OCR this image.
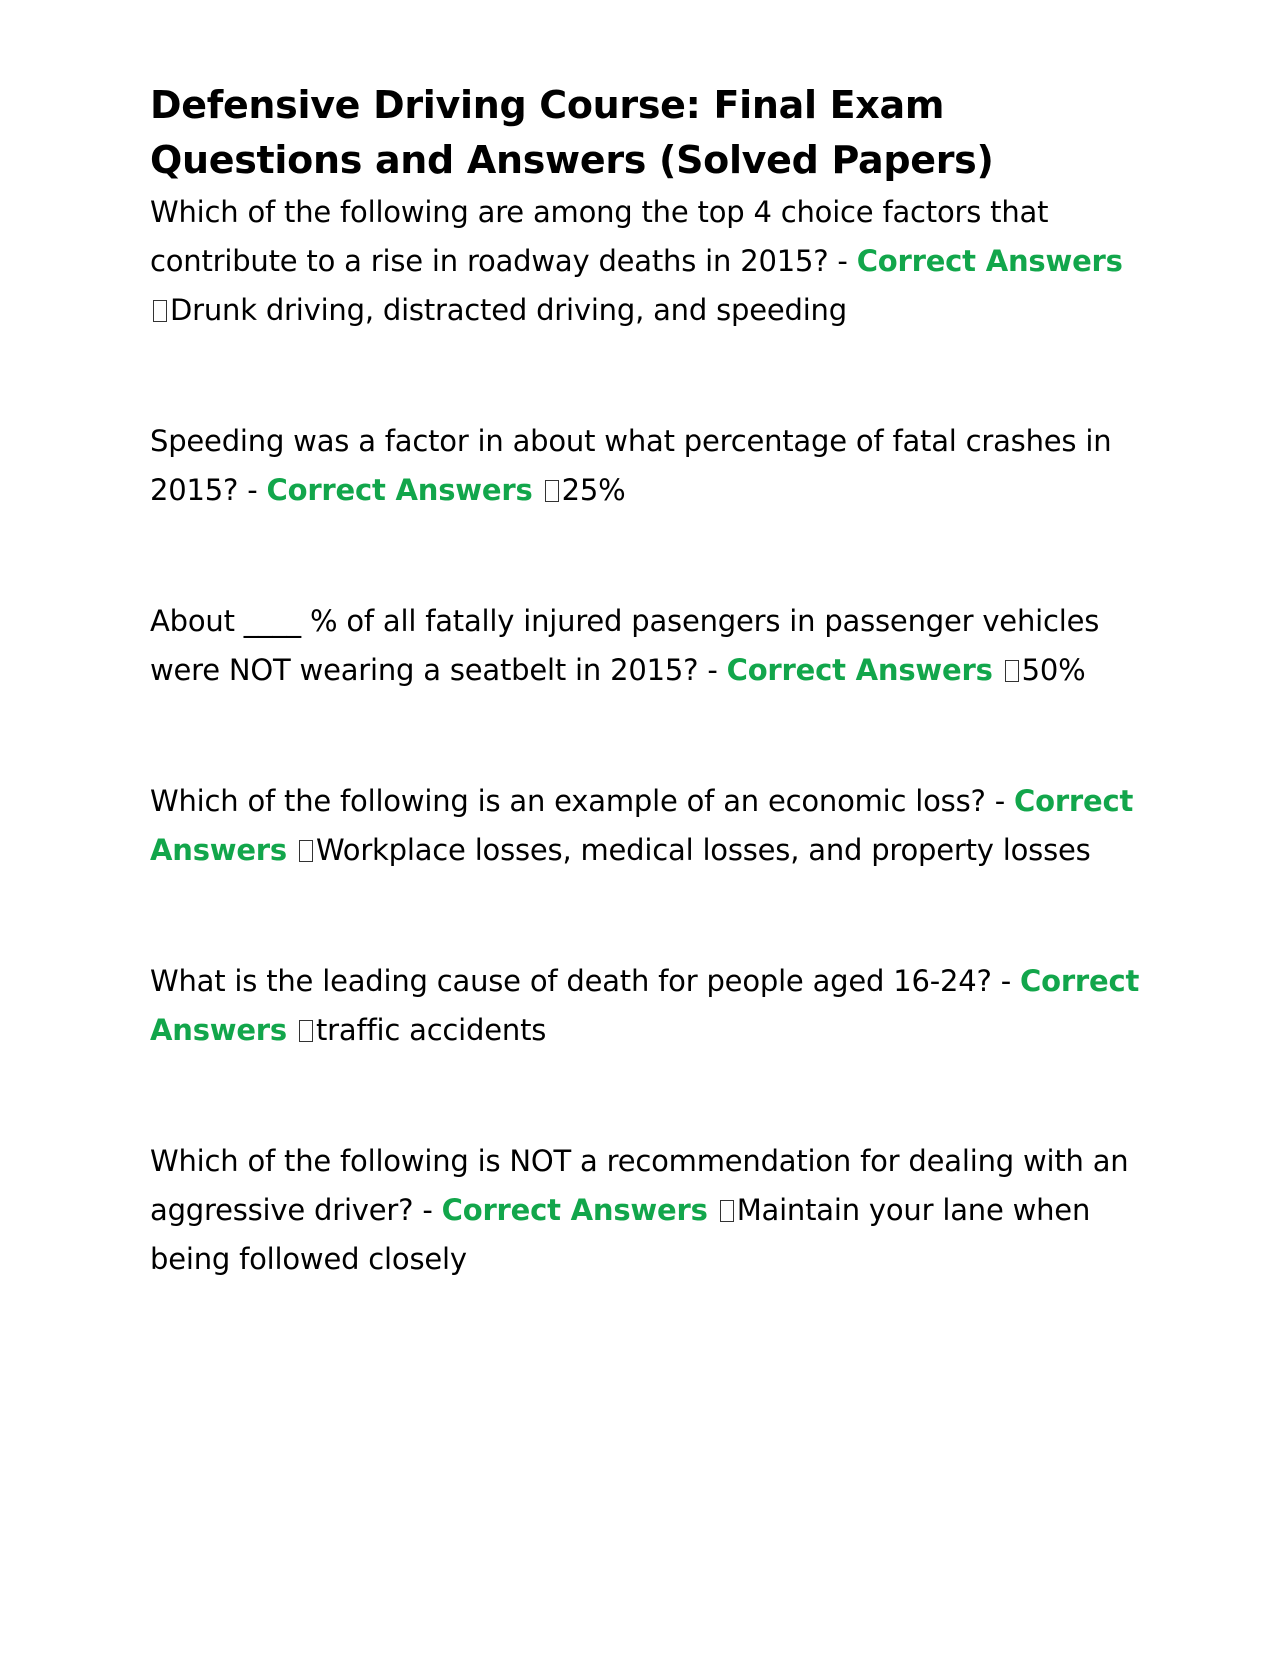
Defensive Driving Course: Final Exam Questions and Answers (Solved Papers)

Which of the following are among the top 4 choice factors that contribute to a rise in roadway deaths in 2015? - Correct Answers Drunk driving, distracted driving, and speeding

Speeding was a factor in about what percentage of fatal crashes in 2015? - Correct Answers 25%

About ____ % of all fatally injured pasengers in passenger vehicles were NOT wearing a seatbelt in 2015? - Correct Answers 50%

Which of the following is an example of an economic loss? - Correct Answers Workplace losses, medical losses, and property losses

What is the leading cause of death for people aged 16-24? - Correct Answers traffic accidents

Which of the following is NOT a recommendation for dealing with an aggressive driver? - Correct Answers Maintain your lane when being followed closely
